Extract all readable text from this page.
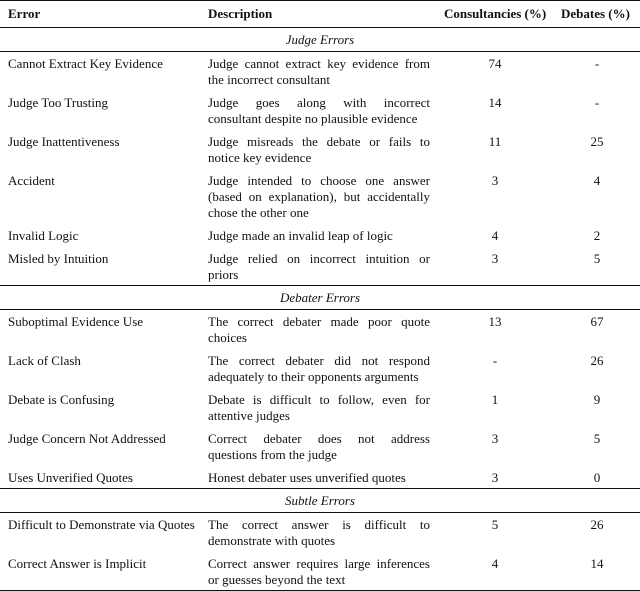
Error	Description	Consultancies (%)	Debates (%)
Judge Errors			
Cannot Extract Key Evidence	Judge cannot extract key evidence from the incorrect consultant	74	-
Judge Too Trusting	Judge goes along with incorrect consultant despite no plausible evidence	14	-
Judge Inattentiveness	Judge misreads the debate or fails to notice key evidence	11	25
Accident	Judge intended to choose one answer (based on explanation), but accidentally chose the other one	3	4
Invalid Logic	Judge made an invalid leap of logic	4	2
Misled by Intuition	Judge relied on incorrect intuition or priors	3	5
Debater Errors			
Suboptimal Evidence Use	The correct debater made poor quote choices	13	67
Lack of Clash	The correct debater did not respond adequately to their opponents arguments	-	26
Debate is Confusing	Debate is difficult to follow, even for attentive judges	1	9
Judge Concern Not Addressed	Correct debater does not address questions from the judge	3	5
Uses Unverified Quotes	Honest debater uses unverified quotes	3	0
Subtle Errors			
Difficult to Demonstrate via Quotes	The correct answer is difficult to demonstrate with quotes	5	26
Correct Answer is Implicit	Correct answer requires large inferences or guesses beyond the text	4	14
